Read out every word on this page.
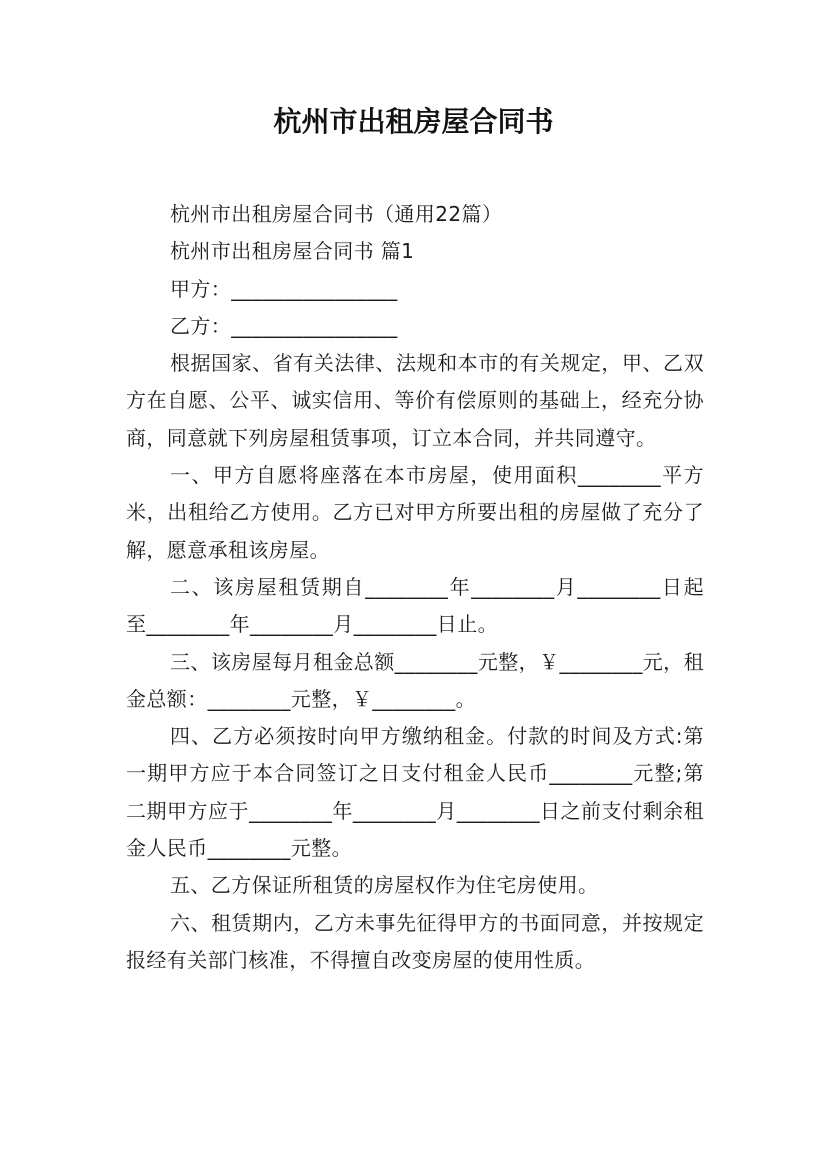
杭州市出租房屋合同书

杭州市出租房屋合同书（通用22篇）

杭州市出租房屋合同书 篇1

甲方：________________

乙方：________________

根据国家、省有关法律、法规和本市的有关规定，甲、乙双方在自愿、公平、诚实信用、等价有偿原则的基础上，经充分协商，同意就下列房屋租赁事项，订立本合同，并共同遵守。

一、甲方自愿将座落在本市房屋，使用面积________平方米，出租给乙方使用。乙方已对甲方所要出租的房屋做了充分了解，愿意承租该房屋。

二、该房屋租赁期自________年________月________日起至________年________月________日止。

三、该房屋每月租金总额________元整，￥________元，租金总额：________元整，￥________。

四、乙方必须按时向甲方缴纳租金。付款的时间及方式:第一期甲方应于本合同签订之日支付租金人民币________元整;第二期甲方应于________年________月________日之前支付剩余租金人民币________元整。

五、乙方保证所租赁的房屋权作为住宅房使用。

六、租赁期内，乙方未事先征得甲方的书面同意，并按规定报经有关部门核准，不得擅自改变房屋的使用性质。
